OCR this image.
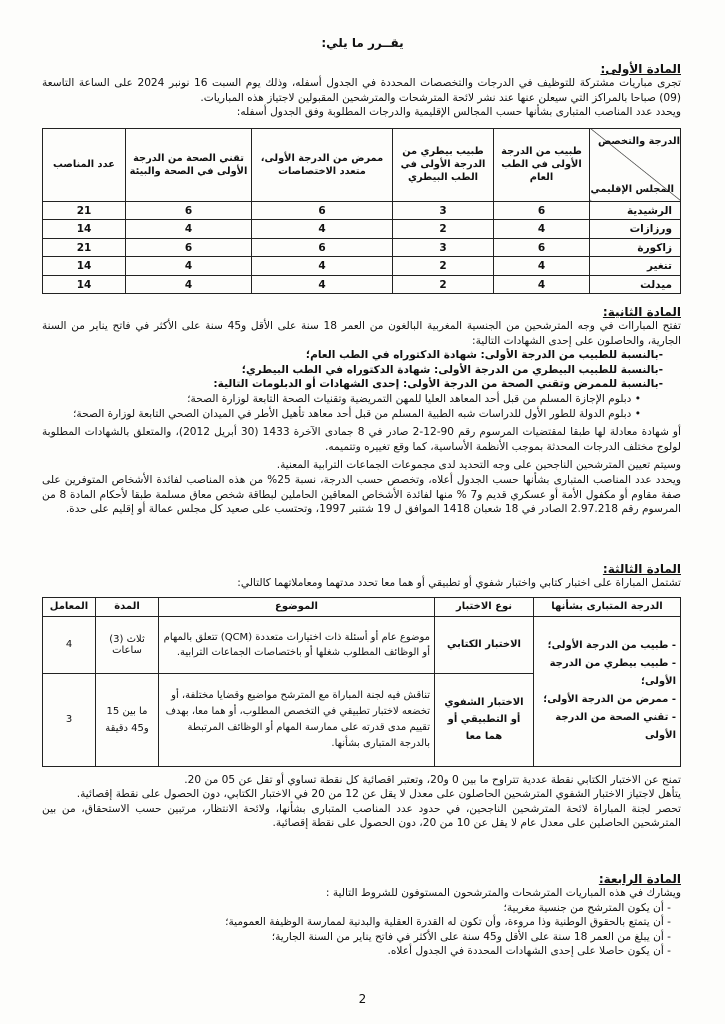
يقــرر ما يلي:

المادة الأولى:

تجرى مباريات مشتركة للتوظيف في الدرجات والتخصصات المحددة في الجدول أسفله، وذلك يوم السبت 16 نونبر 2024 على الساعة التاسعة (09) صباحا بالمراكز التي سيعلن عنها عند نشر لائحة المترشحات والمترشحين المقبولين لاجتياز هذه المباريات.

ويحدد عدد المناصب المتبارى بشأنها حسب المجالس الإقليمية والدرجات المطلوبة وفق الجدول أسفله:

الدرجة والتخصص
المجلس الإقليمي	طبيب من الدرجة الأولى في الطب العام	طبيب بيطري من الدرجة الأولى في الطب البيطري	ممرض من الدرجة الأولى، متعدد الاختصاصات	تقني الصحة من الدرجة الأولى في الصحة والبيئة	عدد المناصب
الرشيدية	6	3	6	6	21
ورزازات	4	2	4	4	14
زاكورة	6	3	6	6	21
تنغير	4	2	4	4	14
ميدلت	4	2	4	4	14

المادة الثانية:

تفتح المباراات في وجه المترشحين من الجنسية المغربية البالغون من العمر 18 سنة على الأقل و45 سنة على الأكثر في فاتح يناير من السنة الجارية، والحاصلون على إحدى الشهادات التالية:

-بالنسبة للطبيب من الدرجة الأولى: شهادة الدكتوراه في الطب العام؛
-بالنسبة للطبيب البيطري من الدرجة الأولى: شهادة الدكتوراه في الطب البيطري؛
-بالنسبة للممرض وتقني الصحة من الدرجة الأولى: إحدى الشهادات أو الدبلومات التالية:
• دبلوم الإجازة المسلم من قبل أحد المعاهد العليا للمهن التمريضية وتقنيات الصحة التابعة لوزارة الصحة؛
• دبلوم الدولة للطور الأول للدراسات شبه الطبية المسلم من قبل أحد معاهد تأهيل الأطر في الميدان الصحي التابعة لوزارة الصحة؛

أو شهادة معادلة لها طبقا لمقتضيات المرسوم رقم 90-12-2 صادر في 8 جمادى الآخرة 1433 (30 أبريل 2012)، والمتعلق بالشهادات المطلوبة لولوج مختلف الدرجات المحدثة بموجب الأنظمة الأساسية، كما وقع تغييره وتتميمه.

وسيتم تعيين المترشحين الناجحين على وجه التحديد لدى مجموعات الجماعات الترابية المعنية.

ويحدد عدد المناصب المتبارى بشأنها حسب الجدول أعلاه، وتخصص حسب الدرجة، نسبة 25% من هذه المناصب لفائدة الأشخاص المتوفرين على صفة مقاوم أو مكفول الأمة أو عسكري قديم و7 % منها لفائدة الأشخاص المعاقين الحاملين لبطاقة شخص معاق مسلمة طبقا لأحكام المادة 8 من المرسوم رقم 2.97.218 الصادر في 18 شعبان 1418 الموافق ل 19 شتنبر 1997، وتحتسب على صعيد كل مجلس عمالة أو إقليم على حدة.

المادة الثالثة:

تشتمل المباراة على اختبار كتابي واختبار شفوي أو تطبيقي أو هما معا تحدد مدتهما ومعاملاتهما كالتالي:

الدرجة المتبارى بشأنها	نوع الاختبار	الموضوع	المدة	المعامل

- طبيب من الدرجة الأولى؛
- طبيب بيطري من الدرجة الأولى؛
- ممرض من الدرجة الأولى؛
- تقني الصحة من الدرجة الأولى	الاختبار الكتابي	موضوع عام أو أسئلة ذات اختيارات متعددة (QCM) تتعلق بالمهام أو الوظائف المطلوب شغلها أو باختصاصات الجماعات الترابية.	ثلاث (3) ساعات	4
	الاختبار الشفوي أو التطبيقي أو هما معا	تناقش فيه لجنة المباراة مع المترشح مواضيع وقضايا مختلفة، أو تخضعه لاختبار تطبيقي في التخصص المطلوب، أو هما معا، بهدف تقييم مدى قدرته على ممارسة المهام أو الوظائف المرتبطة بالدرجة المتبارى بشأنها.	ما بين 15 و45 دقيقة	3

تمنح عن الاختبار الكتابي نقطة عددية تتراوح ما بين 0 و20، وتعتبر اقصائية كل نقطة تساوي أو تقل عن 05 من 20.

يتأهل لاجتياز الاختبار الشفوي المترشحين الحاصلون على معدل لا يقل عن 12 من 20 في الاختبار الكتابي، دون الحصول على نقطة إقصائية.

تحصر لجنة المباراة لائحة المترشحين الناجحين، في حدود عدد المناصب المتبارى بشأنها، ولائحة الانتظار، مرتبين حسب الاستحقاق، من بين المترشحين الحاصلين على معدل عام لا يقل عن 10 من 20، دون الحصول على نقطة إقصائية.

المادة الرابعة:

ويشارك في هذه المباريات المترشحات والمترشحون المستوفون للشروط التالية :

- أن يكون المترشح من جنسية مغربية؛
- أن يتمتع بالحقوق الوطنية وذا مروءة، وأن تكون له القدرة العقلية والبدنية لممارسة الوظيفة العمومية؛
- أن يبلغ من العمر 18 سنة على الأقل و45 سنة على الأكثر في فاتح يناير من السنة الجارية؛
- أن يكون حاصلا على إحدى الشهادات المحددة في الجدول أعلاه.
2
